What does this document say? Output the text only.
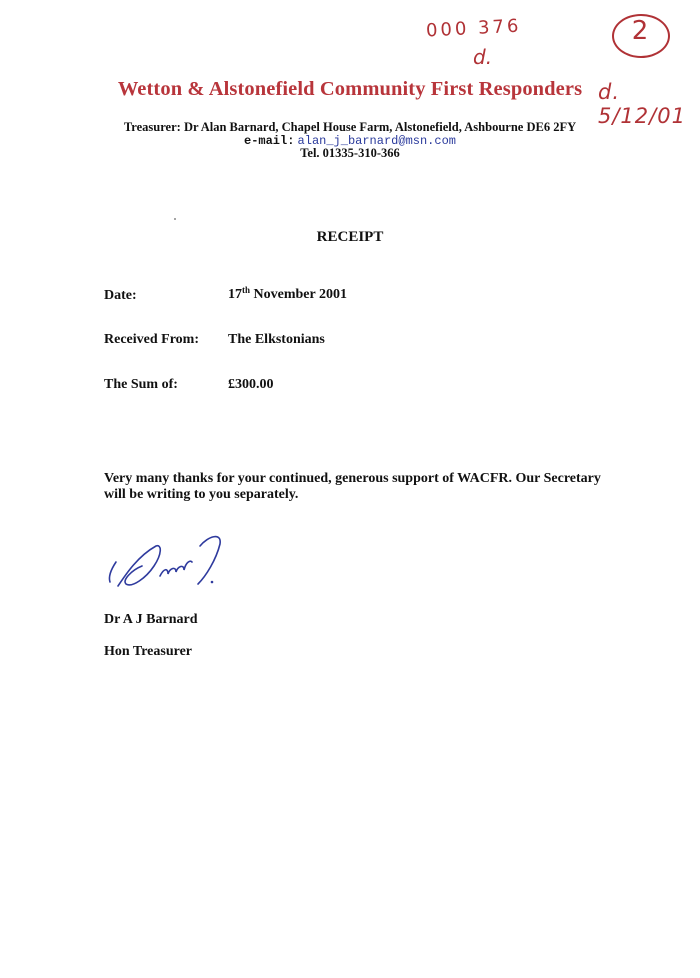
000 376
d.
2
d. 5/12/01
Wetton & Alstonefield Community First Responders
Treasurer: Dr Alan Barnard, Chapel House Farm, Alstonefield, Ashbourne DE6 2FY
e-mail: alan_j_barnard@msn.com
Tel. 01335-310-366
RECEIPT
Date:	17th November 2001
Received From: The Elkstonians
The Sum of:	£300.00
Very many thanks for your continued, generous support of WACFR. Our Secretary will be writing to you separately.
Dr A J Barnard
Hon Treasurer
